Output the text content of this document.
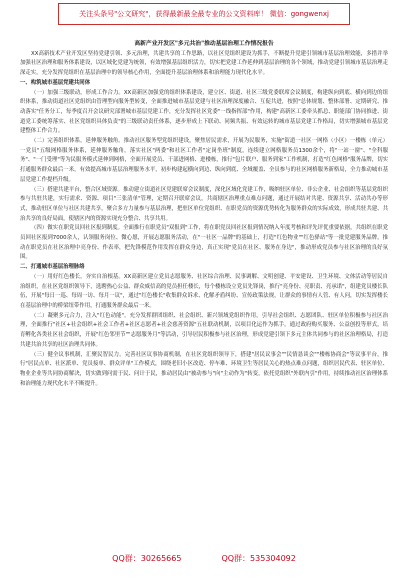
关注头条号"公文研究"，获得最新最全最专业的公文资料库！ 微信：gongwenxj

高新产业开发区"多元共治"推动基层治理工作情况报告

XX高新技术产业开发区坚持党建引领、多元治理，共建共享的工作思路，以社区党组织建设为抓手，不断提升党建引领城市基层治理效能，多措并举加强社区治理和服务体系建设，以区域化党建为统领，有效增强基层组织活力，切实把党建工作延伸到基层治理的各个领域，推动党建引领城市基层治理走深走实，充分发挥党组织在基层治理中的领导核心作用，全面提升基层治理体系和治理能力现代化水平。

一、构筑城市基层党建共同体

（一）加强三级联动，形成工作合力。XX高新区加强党的组织体系建设，建立区、街道、社区三级党委联席会议制度，构建纵向到底、横向到边的组织体系，推动街道社区党组织由管理型向服务型转变，全面推进城市基层党建与社区治理深度融合、互促共进，按照"总体规划、整体部署、定期研究、推动落实"任务分工，每季度召开会议研究部署城市基层党建工作，充分发挥社区党委"一线指挥部"作用，构建"高新区工委牵头抓总、职能部门协同推进、街道党工委统筹落实、社区党组织具体负责"的三级联动责任体系，逐步形成上下联动、同频共振、有效运转的城市基层党建工作格局，切实增强城市基层党建整体工作合力。

（二）完善组织体系，延伸服务触角。推动社区服务型党组织建设，聚焦居民需求，开展为民服务，实施"街道一社区一网格（小区）一楼栋（单元）一党员"五级网格服务体系，延伸服务触角，落实社区"两委"和社区工作者"定岗坐班"制度，连续建立网格服务员1300余个，将"一站一窗"、"全科服务"、"一门受理"等为民服务模式延伸到网格，全面开展党员、干部进网格、进楼栋，推行"包片联户、服务到家"工作机制，打造"红色网格"服务品牌，切实打通服务群众最后一米，有效提高城市基层治理服务水平，初步构建起横向到边、纵向到底、全域覆盖、全员参与的社区网格服务新格局，全力推动城市基层党建工作提档升级。

（三）搭建共建平台，整合区域资源。推动建立街道社区党建联席会议制度，深化区域化党建工作，吸纳驻区单位、非公企业、社会组织等基层党组织参与共驻共建，实行需求、资源、项目"三张清单"管理，定期召开联席会议，共商辖区治理重点难点问题，通过开展结对共建、资源共享、活动共办等形式，推动驻区单位与社区共建共享，聚合多方力量参与基层治理，把驻区单位党组织、在职党员的资源优势转化为服务群众的实际成效，形成共驻共建、共治共享的良好局面，使辖区内的资源实现充分整合、共享共用。

（四）做实在职党员回社区报到制度。全面推行在职党员"双报到"工作，将在职党员回社区报到情况纳入年度考核和评先评优重要依据，共组织在职党员回社区报到7000余人，认领服务岗位、微心愿，开展志愿服务活动，在"一社区一品牌"的基础上，打造"红色物业""红色驿站"等一批党建服务品牌，推动在职党员在社区治理中亮身份、作表率，把先锋模范作用发挥在群众身边，真正实现"党员在社区、服务在身边"，推动形成党员参与社区治理的良好氛围。

二、打通城市基层治理脉络

（一）用好红色楼长，夯实自治根基。XX高新区建立党员志愿服务、社区综合治理、民事调解、文明创建、平安建设、卫生环境、文体活动等居民自治组织，在社区党组织领导下，选聘热心公益、群众威信高的党员担任楼长，每个楼栋设立党员先锋岗，推行"亮身份、亮职责、亮承诺"，组建党员楼长队伍，开展"每日一巡、每周一访、每月一议"，通过"红色楼长"收集群众诉求、化解矛盾纠纷、宣传政策法规，让群众的事情有人管、有人问，切实发挥楼长在基层治理中的桥梁纽带作用，打通服务群众最后一米。

（二）凝聚多元合力，注入"红色动能"。充分发挥群团组织、社会组织、新兴领域党组织作用，引导社会组织、志愿团队、驻区单位积极参与社区治理，全面推行"社区+社会组织+社会工作者+社区志愿者+社会慈善资源"五社联动机制，以项目化运作为抓手，通过政府购买服务、公益创投等形式，培育孵化各类社区社会组织，开展"红色邻里节""志愿服务月"等活动，引导居民积极参与社区治理，形成党建引领下多元主体共同参与的社区治理格局，打造共建共治共享的社区治理共同体。

（三）健全议事机制，汇聚民智民力。完善社区议事协商机制，在社区党组织领导下，搭建"居民议事会""民情恳谈会""楼栋协商会"等议事平台，推行"居民点单、社区派单、党员接单、群众评单"工作模式，围绕老旧小区改造、停车难、环境卫生等居民关心的热点难点问题，组织居民代表、驻区单位、物业企业等共同协商解决，切实做到问需于民、问计于民，推动居民由"被动参与"向"主动作为"转变，依托党组织"外联内引"作用，持续推动社区治理体系和治理能力现代化水平不断提升。

QQ群：30265665	QQ群：535304092
